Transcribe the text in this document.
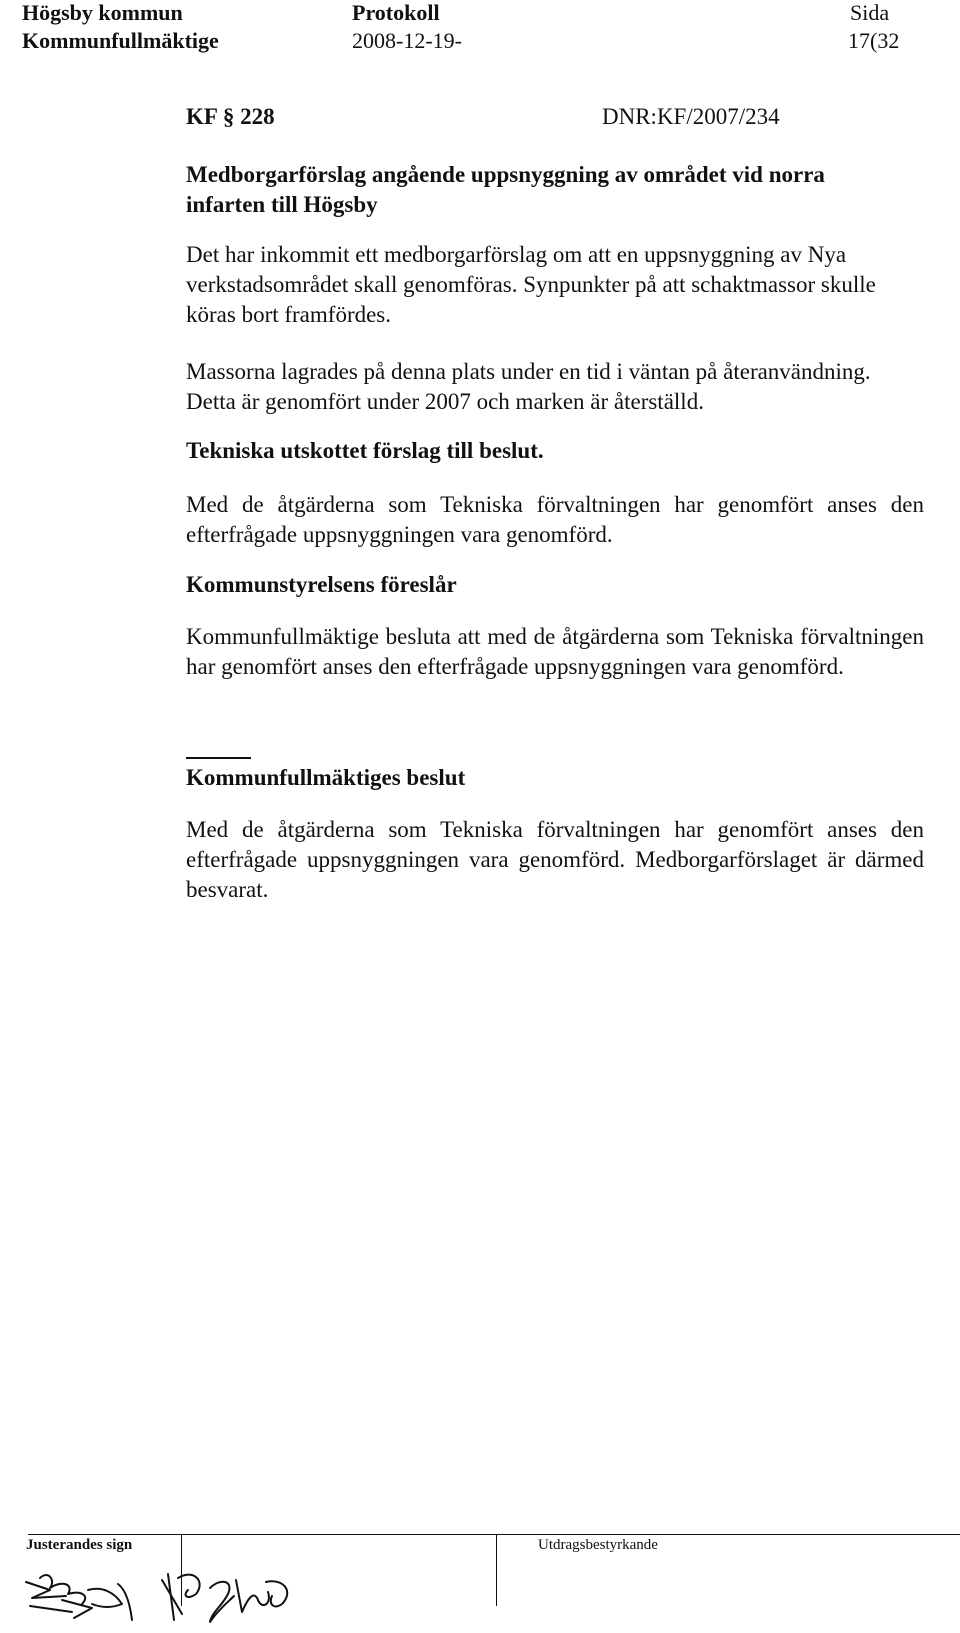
Högsby kommun
Kommunfullmäktige
Protokoll
2008-12-19-
Sida
17(32
KF § 228	DNR:KF/2007/234

Medborgarförslag angående uppsnyggning av området vid norra

infarten till Högsby

Det har inkommit ett medborgarförslag om att en uppsnyggning av Nya verkstadsområdet skall genomföras. Synpunkter på att schaktmassor skulle köras bort framfördes.

Massorna lagrades på denna plats under en tid i väntan på återanvändning. Detta är genomfört under 2007 och marken är återställd.

Tekniska utskottet förslag till beslut.

Med de åtgärderna som Tekniska förvaltningen har genomfört anses den efterfrågade uppsnyggningen vara genomförd.

Kommunstyrelsens föreslår

Kommunfullmäktige besluta att med de åtgärderna som Tekniska förvaltningen har genomfört anses den efterfrågade uppsnyggningen vara genomförd.

Kommunfullmäktiges beslut

Med de åtgärderna som Tekniska förvaltningen har genomfört anses den efterfrågade uppsnyggningen vara genomförd. Medborgarförslaget är därmed besvarat.

Justerandes sign	Utdragsbestyrkande
